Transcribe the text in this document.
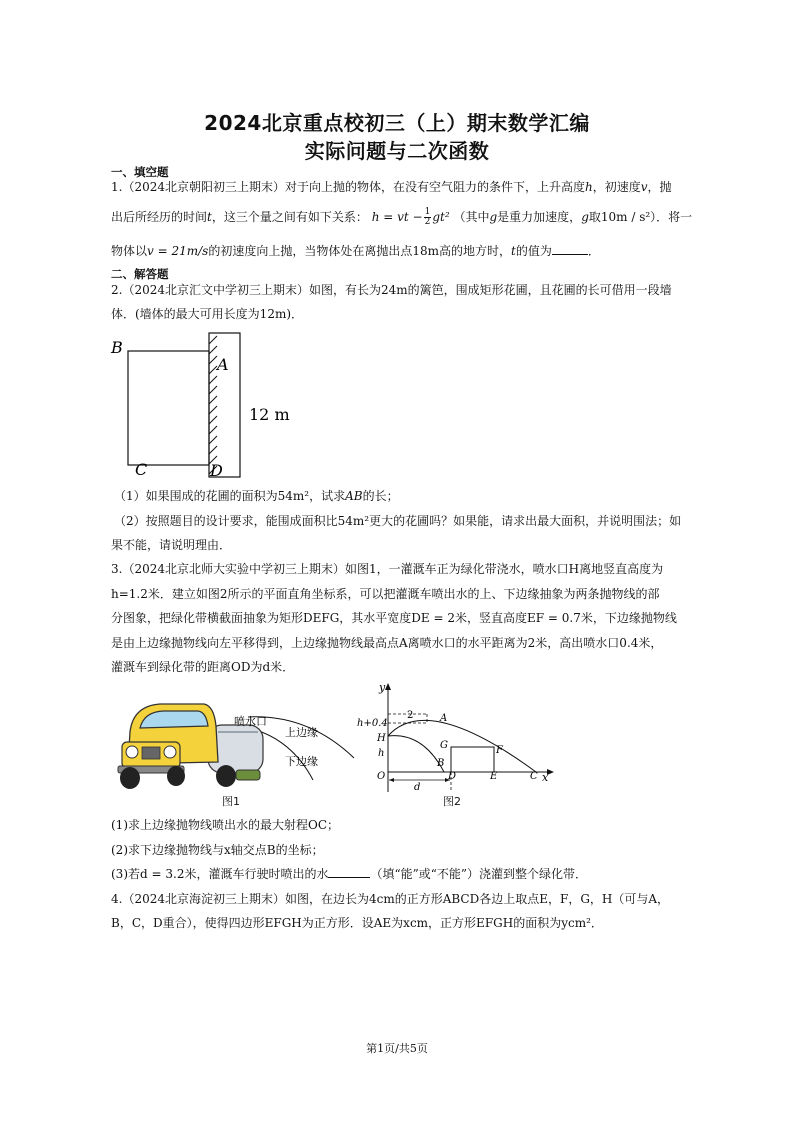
2024北京重点校初三（上）期末数学汇编
实际问题与二次函数
一、填空题
1.（2024北京朝阳初三上期末）对于向上抛的物体，在没有空气阻力的条件下，上升高度h，初速度v，抛
出后所经历的时间t，这三个量之间有如下关系： h = vt − $\frac{1}{2} gt^2$ （其中g是重力加速度，g取10m / s²）．将一
物体以v = 21m/s的初速度向上抛，当物体处在离抛出点18m高的地方时，t的值为	．
二、解答题
2.（2024北京汇文中学初三上期末）如图，有长为24m的篱笆，围成矩形花圃，且花圃的长可借用一段墙
体．(墙体的最大可用长度为12m)．
B
A
C	D
12 m
（1）如果围成的花圃的面积为54m²，试求AB的长；
（2）按照题目的设计要求，能围成面积比54m²更大的花圃吗？如果能，请求出最大面积，并说明围法；如
果不能，请说明理由．
3.（2024北京北师大实验中学初三上期末）如图1，一灌溉车正为绿化带浇水，喷水口H离地竖直高度为
h=1.2米．建立如图2所示的平面直角坐标系，可以把灌溉车喷出水的上、下边缘抽象为两条抛物线的部
分图象，把绿化带横截面抽象为矩形DEFG，其水平宽度DE = 2米，竖直高度EF = 0.7米，下边缘抛物线
是由上边缘抛物线向左平移得到，上边缘抛物线最高点A离喷水口的水平距离为2米，高出喷水口0.4米，
灌溉车到绿化带的距离OD为d米．
喷水口
上边缘
下边缘
图1
y
x
h+0.4
2	A
H
h
G	F
O
B
D	E	C
d
图2
(1)求上边缘抛物线喷出水的最大射程OC；
(2)求下边缘抛物线与x轴交点B的坐标；
(3)若d = 3.2米，灌溉车行驶时喷出的水	（填“能”或“不能”）浇灌到整个绿化带．
4.（2024北京海淀初三上期末）如图，在边长为4cm的正方形ABCD各边上取点E，F，G，H（可与A，
B，C，D重合），使得四边形EFGH为正方形．设AE为xcm，正方形EFGH的面积为ycm²．
第1页/共5页
